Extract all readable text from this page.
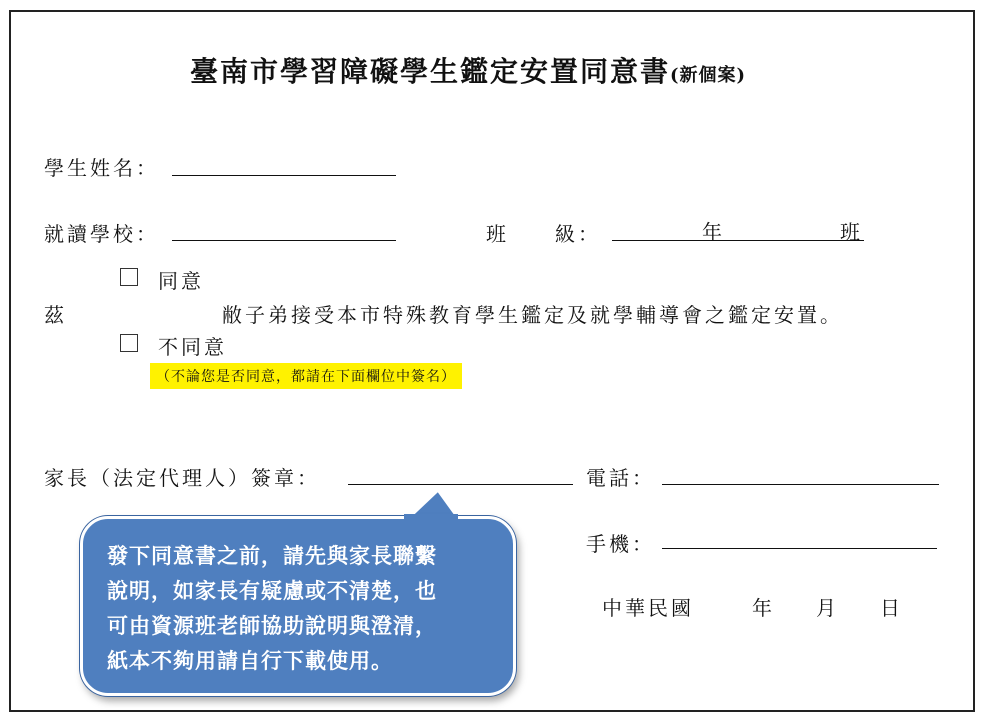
臺南市學習障礙學生鑑定安置同意書(新個案)
學生姓名：
就讀學校：	班　　級：	年	班
同意
茲	敝子弟接受本市特殊教育學生鑑定及就學輔導會之鑑定安置。
不同意
（不論您是否同意，都請在下面欄位中簽名）
家長（法定代理人）簽章：	電話：
手機：
中華民國	年 月 日
發下同意書之前，請先與家長聯繫
說明，如家長有疑慮或不清楚，也
可由資源班老師協助說明與澄清，
紙本不夠用請自行下載使用。
